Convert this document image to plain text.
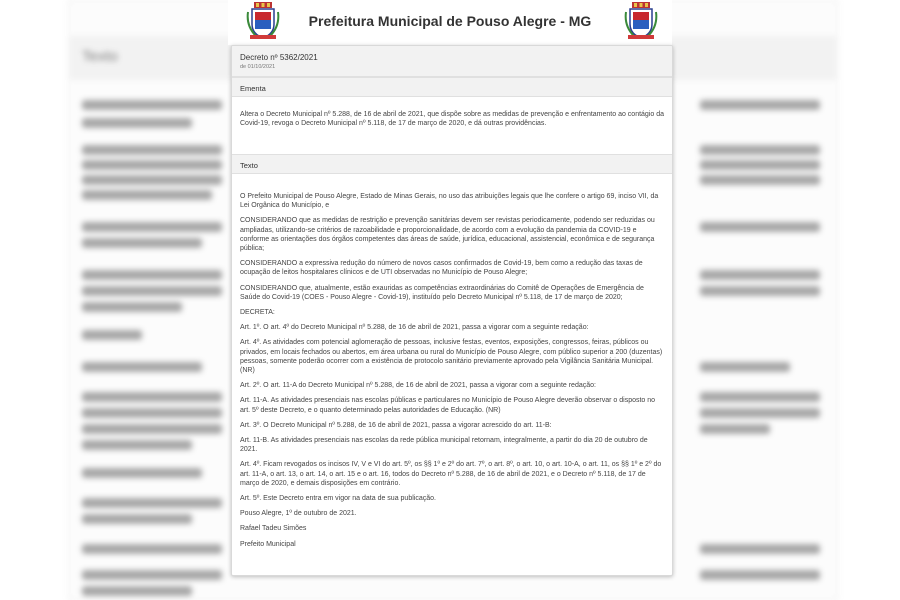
Texto
Prefeitura Municipal de Pouso Alegre - MG
Decreto nº 5362/2021
de 01/10/2021
Ementa
Altera o Decreto Municipal nº 5.288, de 16 de abril de 2021, que dispõe sobre as medidas de prevenção e enfrentamento ao contágio da Covid-19, revoga o Decreto Municipal nº 5.118, de 17 de março de 2020, e dá outras providências.
Texto
O Prefeito Municipal de Pouso Alegre, Estado de Minas Gerais, no uso das atribuições legais que lhe confere o artigo 69, inciso VII, da Lei Orgânica do Município, e
CONSIDERANDO que as medidas de restrição e prevenção sanitárias devem ser revistas periodicamente, podendo ser reduzidas ou ampliadas, utilizando-se critérios de razoabilidade e proporcionalidade, de acordo com a evolução da pandemia da COVID-19 e conforme as orientações dos órgãos competentes das áreas de saúde, jurídica, educacional, assistencial, econômica e de segurança pública;
CONSIDERANDO a expressiva redução do número de novos casos confirmados de Covid-19, bem como a redução das taxas de ocupação de leitos hospitalares clínicos e de UTI observadas no Município de Pouso Alegre;
CONSIDERANDO que, atualmente, estão exauridas as competências extraordinárias do Comitê de Operações de Emergência de Saúde do Covid-19 (COES - Pouso Alegre - Covid-19), instituído pelo Decreto Municipal nº 5.118, de 17 de março de 2020;
DECRETA:
Art. 1º. O art. 4º do Decreto Municipal nº 5.288, de 16 de abril de 2021, passa a vigorar com a seguinte redação:
Art. 4º. As atividades com potencial aglomeração de pessoas, inclusive festas, eventos, exposições, congressos, feiras, públicos ou privados, em locais fechados ou abertos, em área urbana ou rural do Município de Pouso Alegre, com público superior a 200 (duzentas) pessoas, somente poderão ocorrer com a existência de protocolo sanitário previamente aprovado pela Vigilância Sanitária Municipal. (NR)
Art. 2º. O art. 11-A do Decreto Municipal nº 5.288, de 16 de abril de 2021, passa a vigorar com a seguinte redação:
Art. 11-A. As atividades presenciais nas escolas públicas e particulares no Município de Pouso Alegre deverão observar o disposto no art. 5º deste Decreto, e o quanto determinado pelas autoridades de Educação. (NR)
Art. 3º. O Decreto Municipal nº 5.288, de 16 de abril de 2021, passa a vigorar acrescido do art. 11-B:
Art. 11-B. As atividades presenciais nas escolas da rede pública municipal retornam, integralmente, a partir do dia 20 de outubro de 2021.
Art. 4º. Ficam revogados os incisos IV, V e VI do art. 5º, os §§ 1º e 2º do art. 7º, o art. 8º, o art. 10, o art. 10-A, o art. 11, os §§ 1º e 2º do art. 11-A, o art. 13, o art. 14, o art. 15 e o art. 16, todos do Decreto nº 5.288, de 16 de abril de 2021, e o Decreto nº 5.118, de 17 de março de 2020, e demais disposições em contrário.
Art. 5º. Este Decreto entra em vigor na data de sua publicação.
Pouso Alegre, 1º de outubro de 2021.
Rafael Tadeu Simões
Prefeito Municipal
